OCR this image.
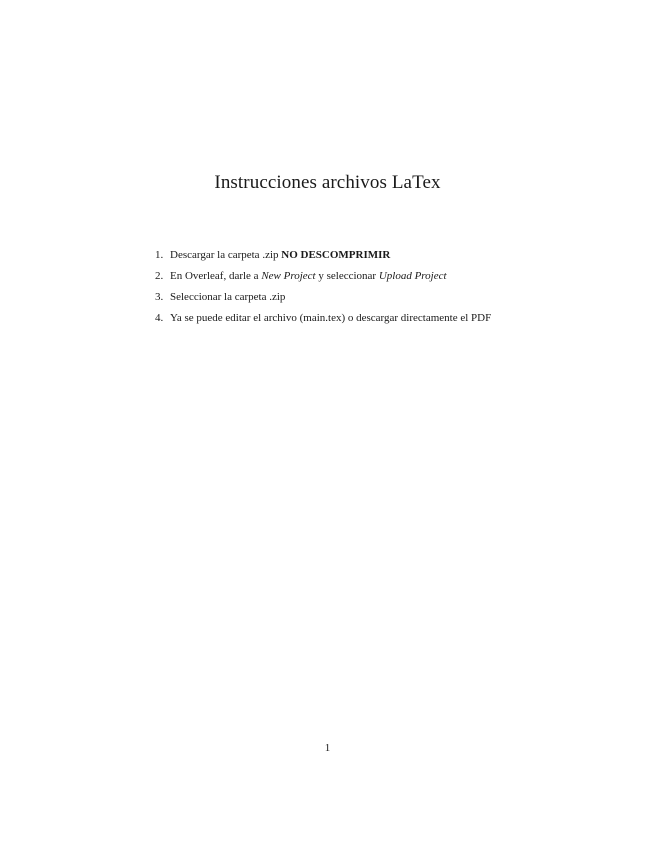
Instrucciones archivos LaTex
1. Descargar la carpeta .zip NO DESCOMPRIMIR
2. En Overleaf, darle a New Project y seleccionar Upload Project
3. Seleccionar la carpeta .zip
4. Ya se puede editar el archivo (main.tex) o descargar directamente el PDF
1
